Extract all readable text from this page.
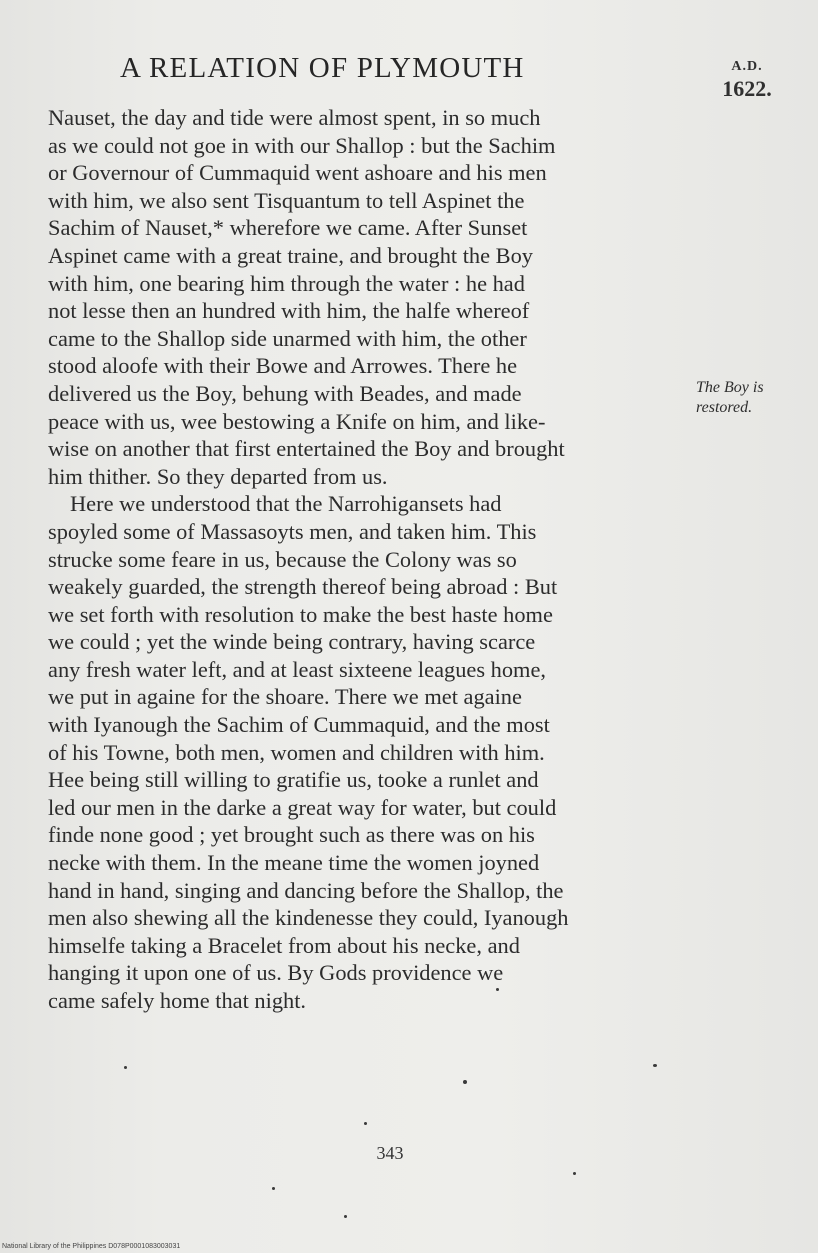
A RELATION OF PLYMOUTH	A.D.
1622.
Nauset, the day and tide were almost spent, in so much
as we could not goe in with our Shallop : but the Sachim
or Governour of Cummaquid went ashoare and his men
with him, we also sent Tisquantum to tell Aspinet the
Sachim of Nauset,* wherefore we came. After Sunset
Aspinet came with a great traine, and brought the Boy
with him, one bearing him through the water : he had
not lesse then an hundred with him, the halfe whereof
came to the Shallop side unarmed with him, the other
stood aloofe with their Bowe and Arrowes. There he
delivered us the Boy, behung with Beades, and made
peace with us, wee bestowing a Knife on him, and like-
wise on another that first entertained the Boy and brought
him thither. So they departed from us.
Here we understood that the Narrohigansets had
spoyled some of Massasoyts men, and taken him. This
strucke some feare in us, because the Colony was so
weakely guarded, the strength thereof being abroad : But
we set forth with resolution to make the best haste home
we could ; yet the winde being contrary, having scarce
any fresh water left, and at least sixteene leagues home,
we put in againe for the shoare. There we met againe
with Iyanough the Sachim of Cummaquid, and the most
of his Towne, both men, women and children with him.
Hee being still willing to gratifie us, tooke a runlet and
led our men in the darke a great way for water, but could
finde none good ; yet brought such as there was on his
necke with them. In the meane time the women joyned
hand in hand, singing and dancing before the Shallop, the
men also shewing all the kindenesse they could, Iyanough
himselfe taking a Bracelet from about his necke, and
hanging it upon one of us. By Gods providence we
came safely home that night.
The Boy is
restored.
343
National Library of the Philippines D078P0001083003031
